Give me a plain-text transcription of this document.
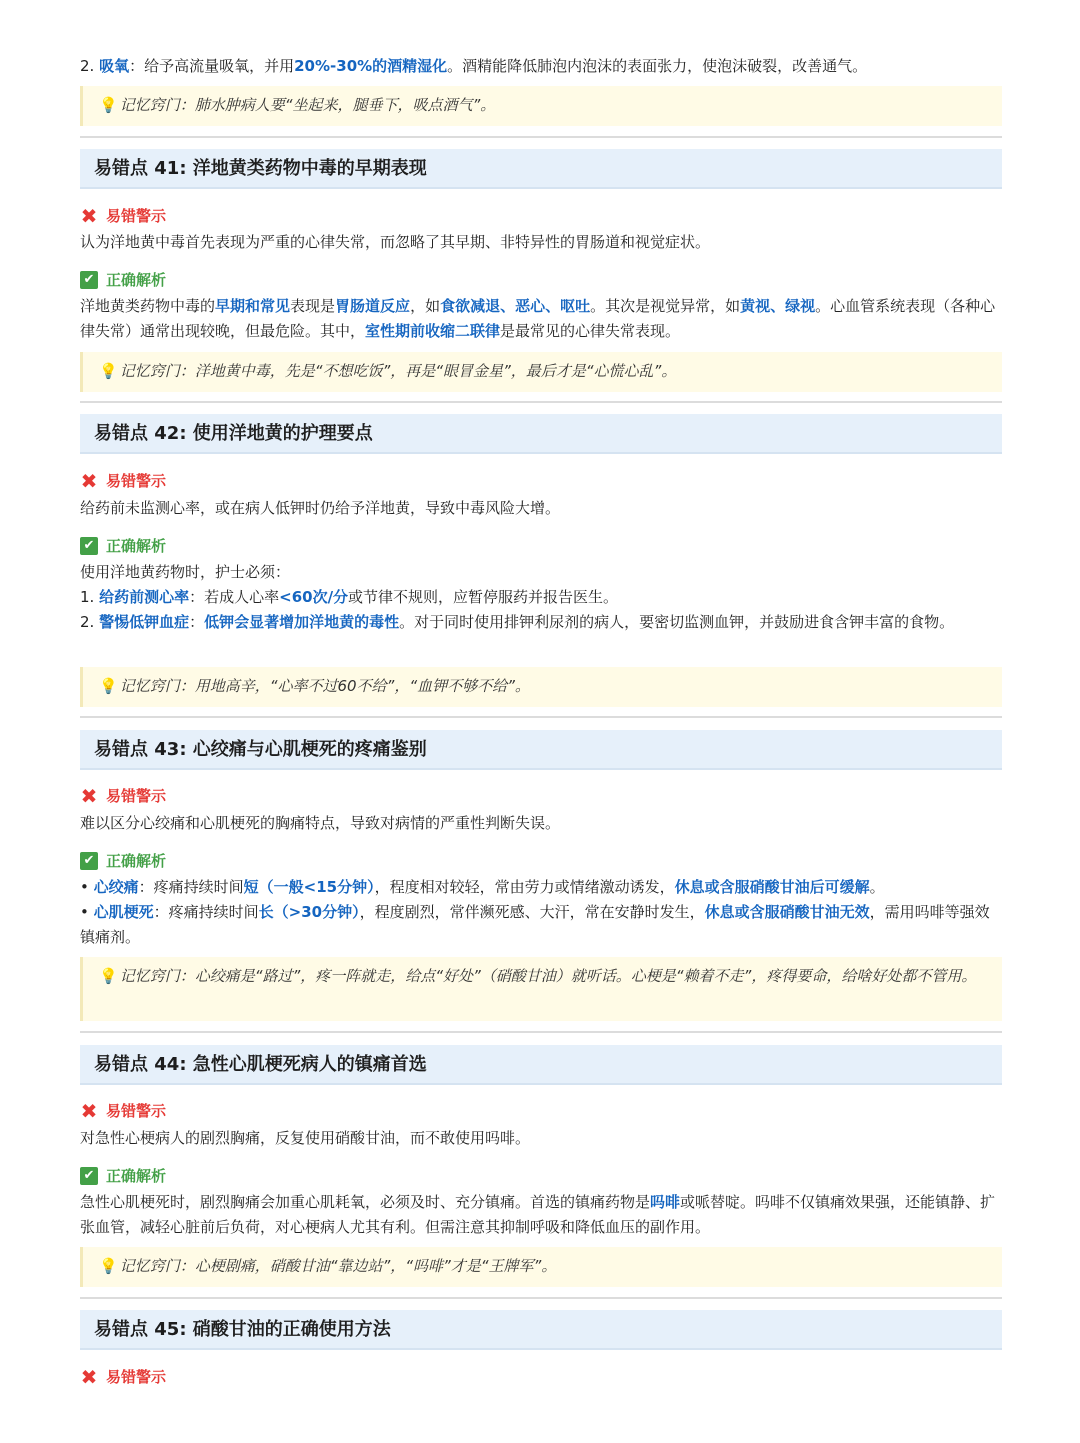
2. 吸氧：给予高流量吸氧，并用20%-30%的酒精湿化。酒精能降低肺泡内泡沫的表面张力，使泡沫破裂，改善通气。

💡 记忆窍门：肺水肿病人要“坐起来，腿垂下，吸点酒气”。
易错点 41: 洋地黄类药物中毒的早期表现
✖ 易错警示

认为洋地黄中毒首先表现为严重的心律失常，而忽略了其早期、非特异性的胃肠道和视觉症状。

✔ 正确解析

洋地黄类药物中毒的早期和常见表现是胃肠道反应，如食欲减退、恶心、呕吐。其次是视觉异常，如黄视、绿视。心血管系统表现（各种心律失常）通常出现较晚，但最危险。其中，室性期前收缩二联律是最常见的心律失常表现。

💡 记忆窍门：洋地黄中毒，先是“不想吃饭”，再是“眼冒金星”，最后才是“心慌心乱”。
易错点 42: 使用洋地黄的护理要点
✖ 易错警示

给药前未监测心率，或在病人低钾时仍给予洋地黄，导致中毒风险大增。

✔ 正确解析

使用洋地黄药物时，护士必须：

1. 给药前测心率：若成人心率<60次/分或节律不规则，应暂停服药并报告医生。

2. 警惕低钾血症：低钾会显著增加洋地黄的毒性。对于同时使用排钾利尿剂的病人，要密切监测血钾，并鼓励进食含钾丰富的食物。

💡 记忆窍门：用地高辛，“心率不过60不给”，“血钾不够不给”。
易错点 43: 心绞痛与心肌梗死的疼痛鉴别
✖ 易错警示

难以区分心绞痛和心肌梗死的胸痛特点，导致对病情的严重性判断失误。

✔ 正确解析

• 心绞痛：疼痛持续时间短（一般<15分钟），程度相对较轻，常由劳力或情绪激动诱发，休息或含服硝酸甘油后可缓解。

• 心肌梗死：疼痛持续时间长（>30分钟），程度剧烈，常伴濒死感、大汗，常在安静时发生，休息或含服硝酸甘油无效，需用吗啡等强效镇痛剂。

💡 记忆窍门：心绞痛是“路过”，疼一阵就走，给点“好处”（硝酸甘油）就听话。心梗是“赖着不走”，疼得要命，给啥好处都不管用。
易错点 44: 急性心肌梗死病人的镇痛首选
✖ 易错警示

对急性心梗病人的剧烈胸痛，反复使用硝酸甘油，而不敢使用吗啡。

✔ 正确解析

急性心肌梗死时，剧烈胸痛会加重心肌耗氧，必须及时、充分镇痛。首选的镇痛药物是吗啡或哌替啶。吗啡不仅镇痛效果强，还能镇静、扩张血管，减轻心脏前后负荷，对心梗病人尤其有利。但需注意其抑制呼吸和降低血压的副作用。

💡 记忆窍门：心梗剧痛，硝酸甘油“靠边站”，“吗啡”才是“王牌军”。
易错点 45: 硝酸甘油的正确使用方法
✖ 易错警示
